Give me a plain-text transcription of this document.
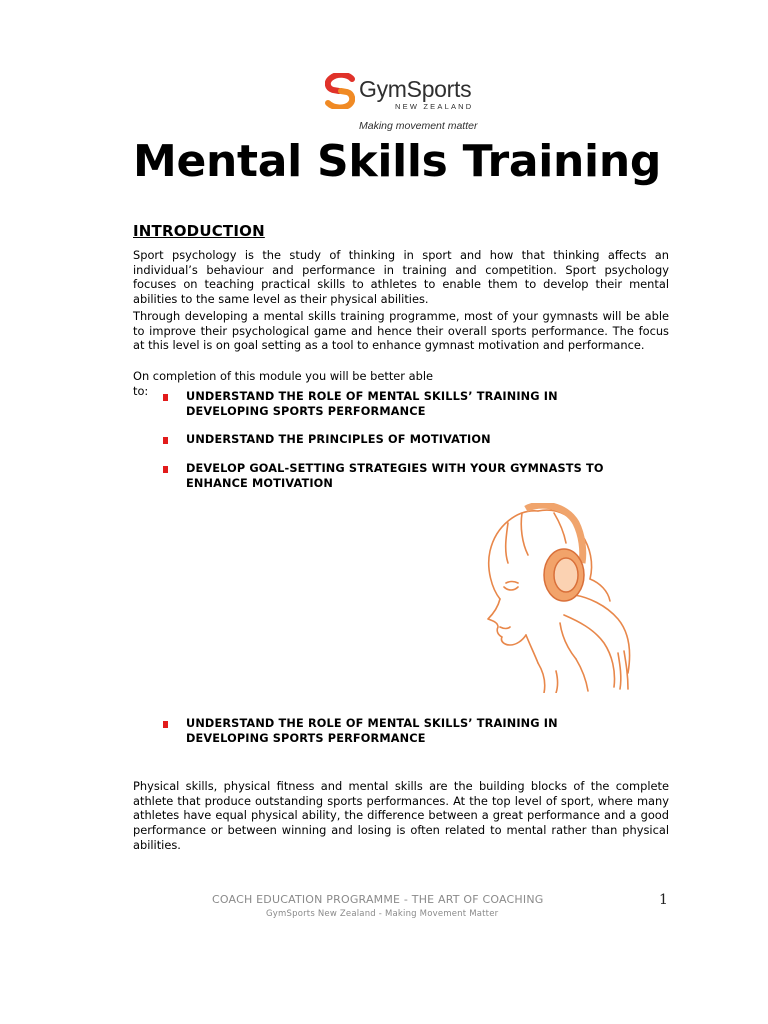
GymSports
NEW ZEALAND
Making movement matter
Mental Skills Training
INTRODUCTION

Sport psychology is the study of thinking in sport and how that thinking affects an individual’s behaviour and performance in training and competition. Sport psychology focuses on teaching practical skills to athletes to enable them to develop their mental abilities to the same level as their physical abilities.

Through developing a mental skills training programme, most of your gymnasts will be able to improve their psychological game and hence their overall sports performance. The focus at this level is on goal setting as a tool to enhance gymnast motivation and performance.

On completion of this module you will be better able to:	UNDERSTAND THE ROLE OF MENTAL SKILLS’ TRAINING IN DEVELOPING SPORTS PERFORMANCE
UNDERSTAND THE PRINCIPLES OF MOTIVATION
DEVELOP GOAL-SETTING STRATEGIES WITH YOUR GYMNASTS TO ENHANCE MOTIVATION
UNDERSTAND THE ROLE OF MENTAL SKILLS’ TRAINING IN DEVELOPING SPORTS PERFORMANCE

Physical skills, physical fitness and mental skills are the building blocks of the complete athlete that produce outstanding sports performances. At the top level of sport, where many athletes have equal physical ability, the difference between a great performance and a good performance or between winning and losing is often related to mental rather than physical abilities.

COACH EDUCATION PROGRAMME - THE ART OF COACHING
GymSports New Zealand - Making Movement Matter
1
